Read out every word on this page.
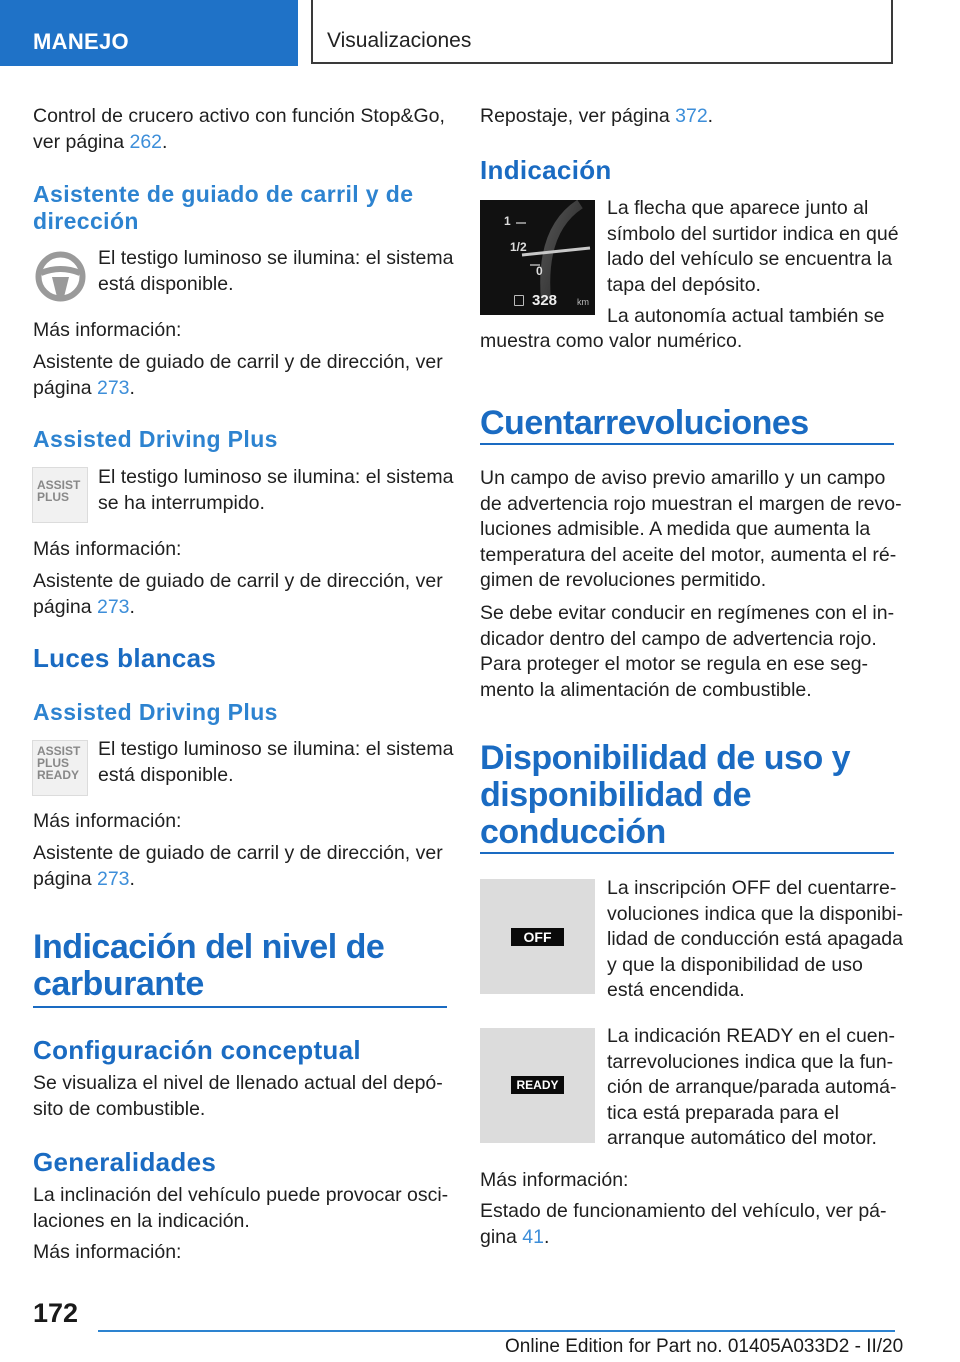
MANEJO	Visualizaciones

Control de crucero activo con función Stop&Go,
ver página 262.

Asistente de guiado de carril y de
dirección

El testigo luminoso se ilumina: el sistema
está disponible.

Más información:

Asistente de guiado de carril y de dirección, ver
página 273.

Assisted Driving Plus
ASSIST
PLUS

El testigo luminoso se ilumina: el sistema
se ha interrumpido.

Más información:

Asistente de guiado de carril y de dirección, ver
página 273.

Luces blancas
Assisted Driving Plus
ASSIST
PLUS
READY

El testigo luminoso se ilumina: el sistema
está disponible.

Más información:

Asistente de guiado de carril y de dirección, ver
página 273.

Indicación del nivel de
carburante
Configuración conceptual

Se visualiza el nivel de llenado actual del depó-
sito de combustible.

Generalidades

La inclinación del vehículo puede provocar osci-
laciones en la indicación.

Más información:

Repostaje, ver página 372.

Indicación
1
1/2
0
328 km

La flecha que aparece junto al
símbolo del surtidor indica en qué
lado del vehículo se encuentra la
tapa del depósito.

La autonomía actual también se

muestra como valor numérico.

Cuentarrevoluciones

Un campo de aviso previo amarillo y un campo
de advertencia rojo muestran el margen de revo-
luciones admisible. A medida que aumenta la
temperatura del aceite del motor, aumenta el ré-
gimen de revoluciones permitido.

Se debe evitar conducir en regímenes con el in-
dicador dentro del campo de advertencia rojo.
Para proteger el motor se regula en ese seg-
mento la alimentación de combustible.

Disponibilidad de uso y
disponibilidad de
conducción
OFF

La inscripción OFF del cuentarre-
voluciones indica que la disponibi-
lidad de conducción está apagada
y que la disponibilidad de uso
está encendida.

READY

La indicación READY en el cuen-
tarrevoluciones indica que la fun-
ción de arranque/parada automá-
tica está preparada para el
arranque automático del motor.

Más información:

Estado de funcionamiento del vehículo, ver pá-
gina 41.

172
Online Edition for Part no. 01405A033D2 - II/20
